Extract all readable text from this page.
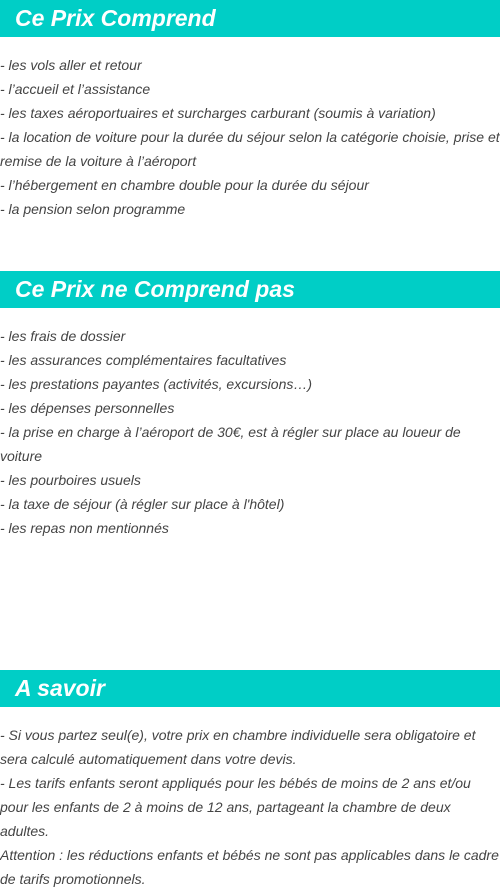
Ce Prix Comprend
- les vols aller et retour
- l’accueil et l’assistance
- les taxes aéroportuaires et surcharges carburant (soumis à variation)
- la location de voiture pour la durée du séjour selon la catégorie choisie, prise et remise de la voiture à l’aéroport
- l’hébergement en chambre double pour la durée du séjour
- la pension selon programme
Ce Prix ne Comprend pas
- les frais de dossier
- les assurances complémentaires facultatives
- les prestations payantes (activités, excursions…)
- les dépenses personnelles
- la prise en charge à l’aéroport de 30€, est à régler sur place au loueur de voiture
- les pourboires usuels
- la taxe de séjour (à régler sur place à l'hôtel)
- les repas non mentionnés
A savoir
- Si vous partez seul(e), votre prix en chambre individuelle sera obligatoire et sera calculé automatiquement dans votre devis.
- Les tarifs enfants seront appliqués pour les bébés de moins de 2 ans et/ou pour les enfants de 2 à moins de 12 ans, partageant la chambre de deux adultes.
Attention : les réductions enfants et bébés ne sont pas applicables dans le cadre de tarifs promotionnels.
